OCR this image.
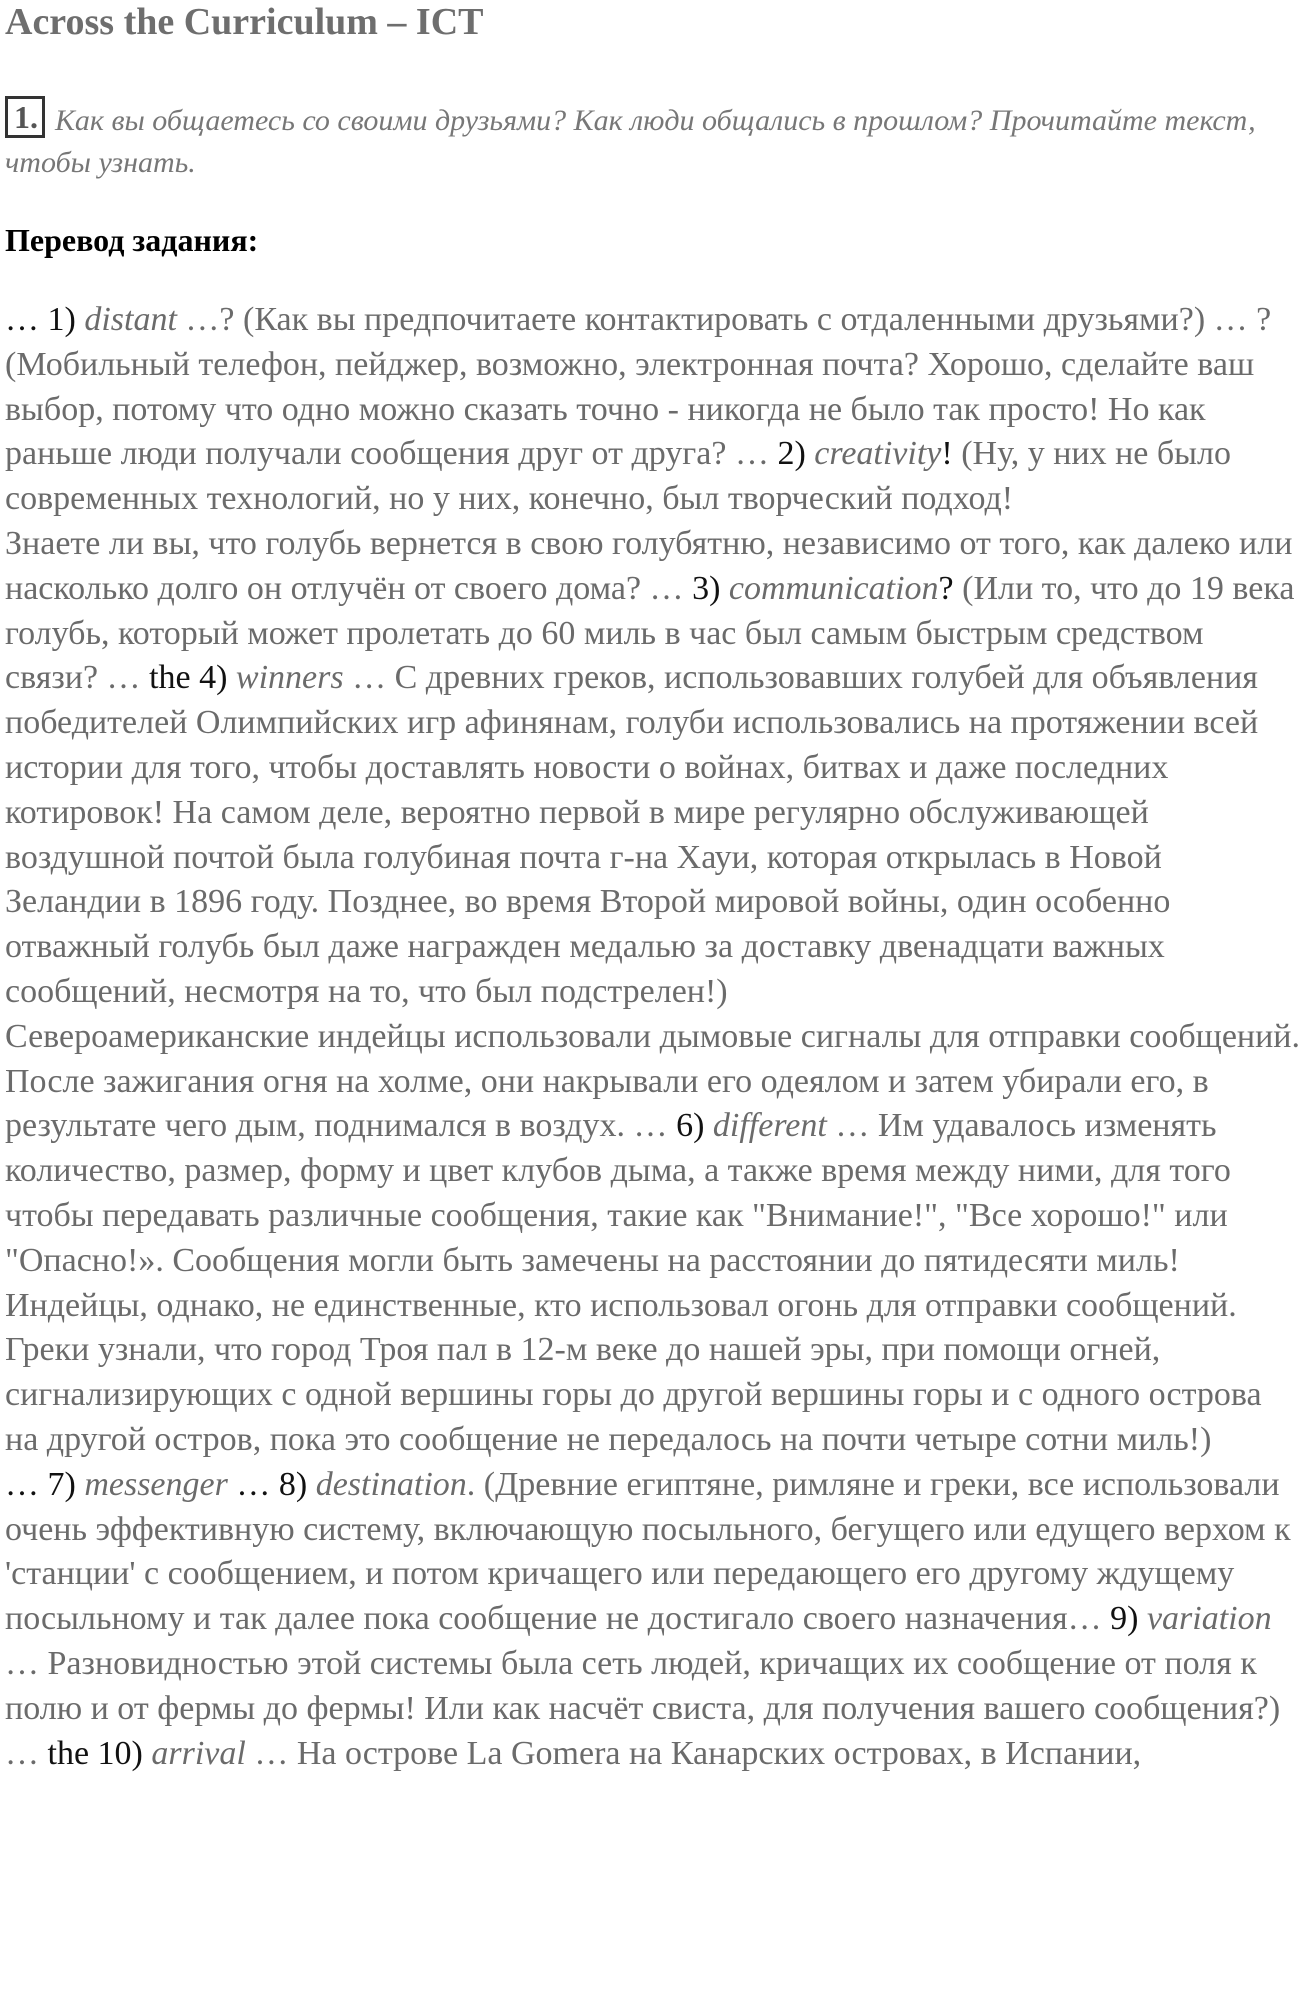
Across the Curriculum – ICT
1. Как вы общаетесь со своими друзьями? Как люди общались в прошлом? Прочитайте текст, чтобы узнать.
Перевод задания:

… 1) distant …? (Как вы предпочитаете контактировать с отдаленными друзьями?) … ? (Мобильный телефон, пейджер, возможно, электронная почта? Хорошо, сделайте ваш выбор, потому что одно можно сказать точно - никогда не было так просто! Но как раньше люди получали сообщения друг от друга? … 2) creativity! (Ну, у них не было современных технологий, но у них, конечно, был творческий подход!

Знаете ли вы, что голубь вернется в свою голубятню, независимо от того, как далеко или насколько долго он отлучён от своего дома? … 3) communication? (Или то, что до 19 века голубь, который может пролетать до 60 миль в час был самым быстрым средством связи? … the 4) winners … С древних греков, использовавших голубей для объявления победителей Олимпийских игр афинянам, голуби использовались на протяжении всей истории для того, чтобы доставлять новости о войнах, битвах и даже последних котировок! На самом деле, вероятно первой в мире регулярно обслуживающей воздушной почтой была голубиная почта г-на Хауи, которая открылась в Новой Зеландии в 1896 году. Позднее, во время Второй мировой войны, один особенно отважный голубь был даже награжден медалью за доставку двенадцати важных сообщений, несмотря на то, что был подстрелен!)

Североамериканские индейцы использовали дымовые сигналы для отправки сообщений. После зажигания огня на холме, они накрывали его одеялом и затем убирали его, в результате чего дым, поднимался в воздух. … 6) different … Им удавалось изменять количество, размер, форму и цвет клубов дыма, а также время между ними, для того чтобы передавать различные сообщения, такие как "Внимание!", "Все хорошо!" или "Опасно!». Сообщения могли быть замечены на расстоянии до пятидесяти миль! Индейцы, однако, не единственные, кто использовал огонь для отправки сообщений. Греки узнали, что город Троя пал в 12-м веке до нашей эры, при помощи огней, сигнализирующих с одной вершины горы до другой вершины горы и с одного острова на другой остров, пока это сообщение не передалось на почти четыре сотни миль!)

… 7) messenger … 8) destination. (Древние египтяне, римляне и греки, все использовали очень эффективную систему, включающую посыльного, бегущего или едущего верхом к 'станции' с сообщением, и потом кричащего или передающего его другому ждущему посыльному и так далее пока сообщение не достигало своего назначения… 9) variation … Разновидностью этой системы была сеть людей, кричащих их сообщение от поля к полю и от фермы до фермы! Или как насчёт свиста, для получения вашего сообщения?) … the 10) arrival … На острове La Gomera на Канарских островах, в Испании,
